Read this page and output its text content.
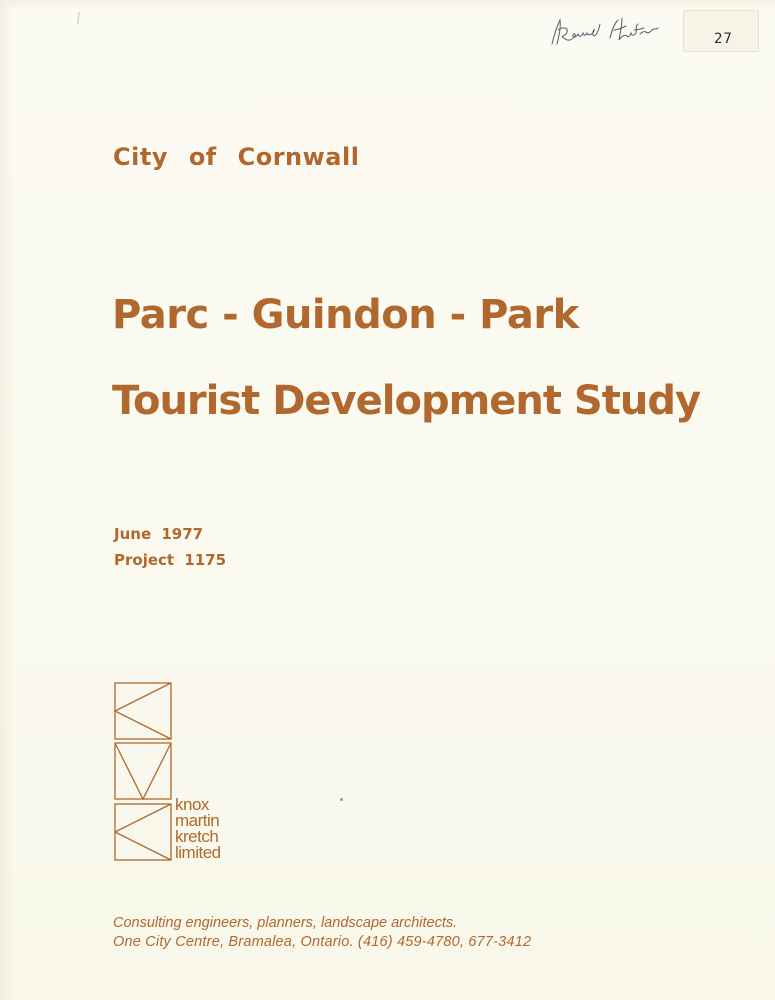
27
City of Cornwall
Parc - Guindon - Park
Tourist Development Study
June 1977
Project 1175
knox
martin
kretch
limited
Consulting engineers, planners, landscape architects.
One City Centre, Bramalea, Ontario. (416) 459-4780, 677-3412
